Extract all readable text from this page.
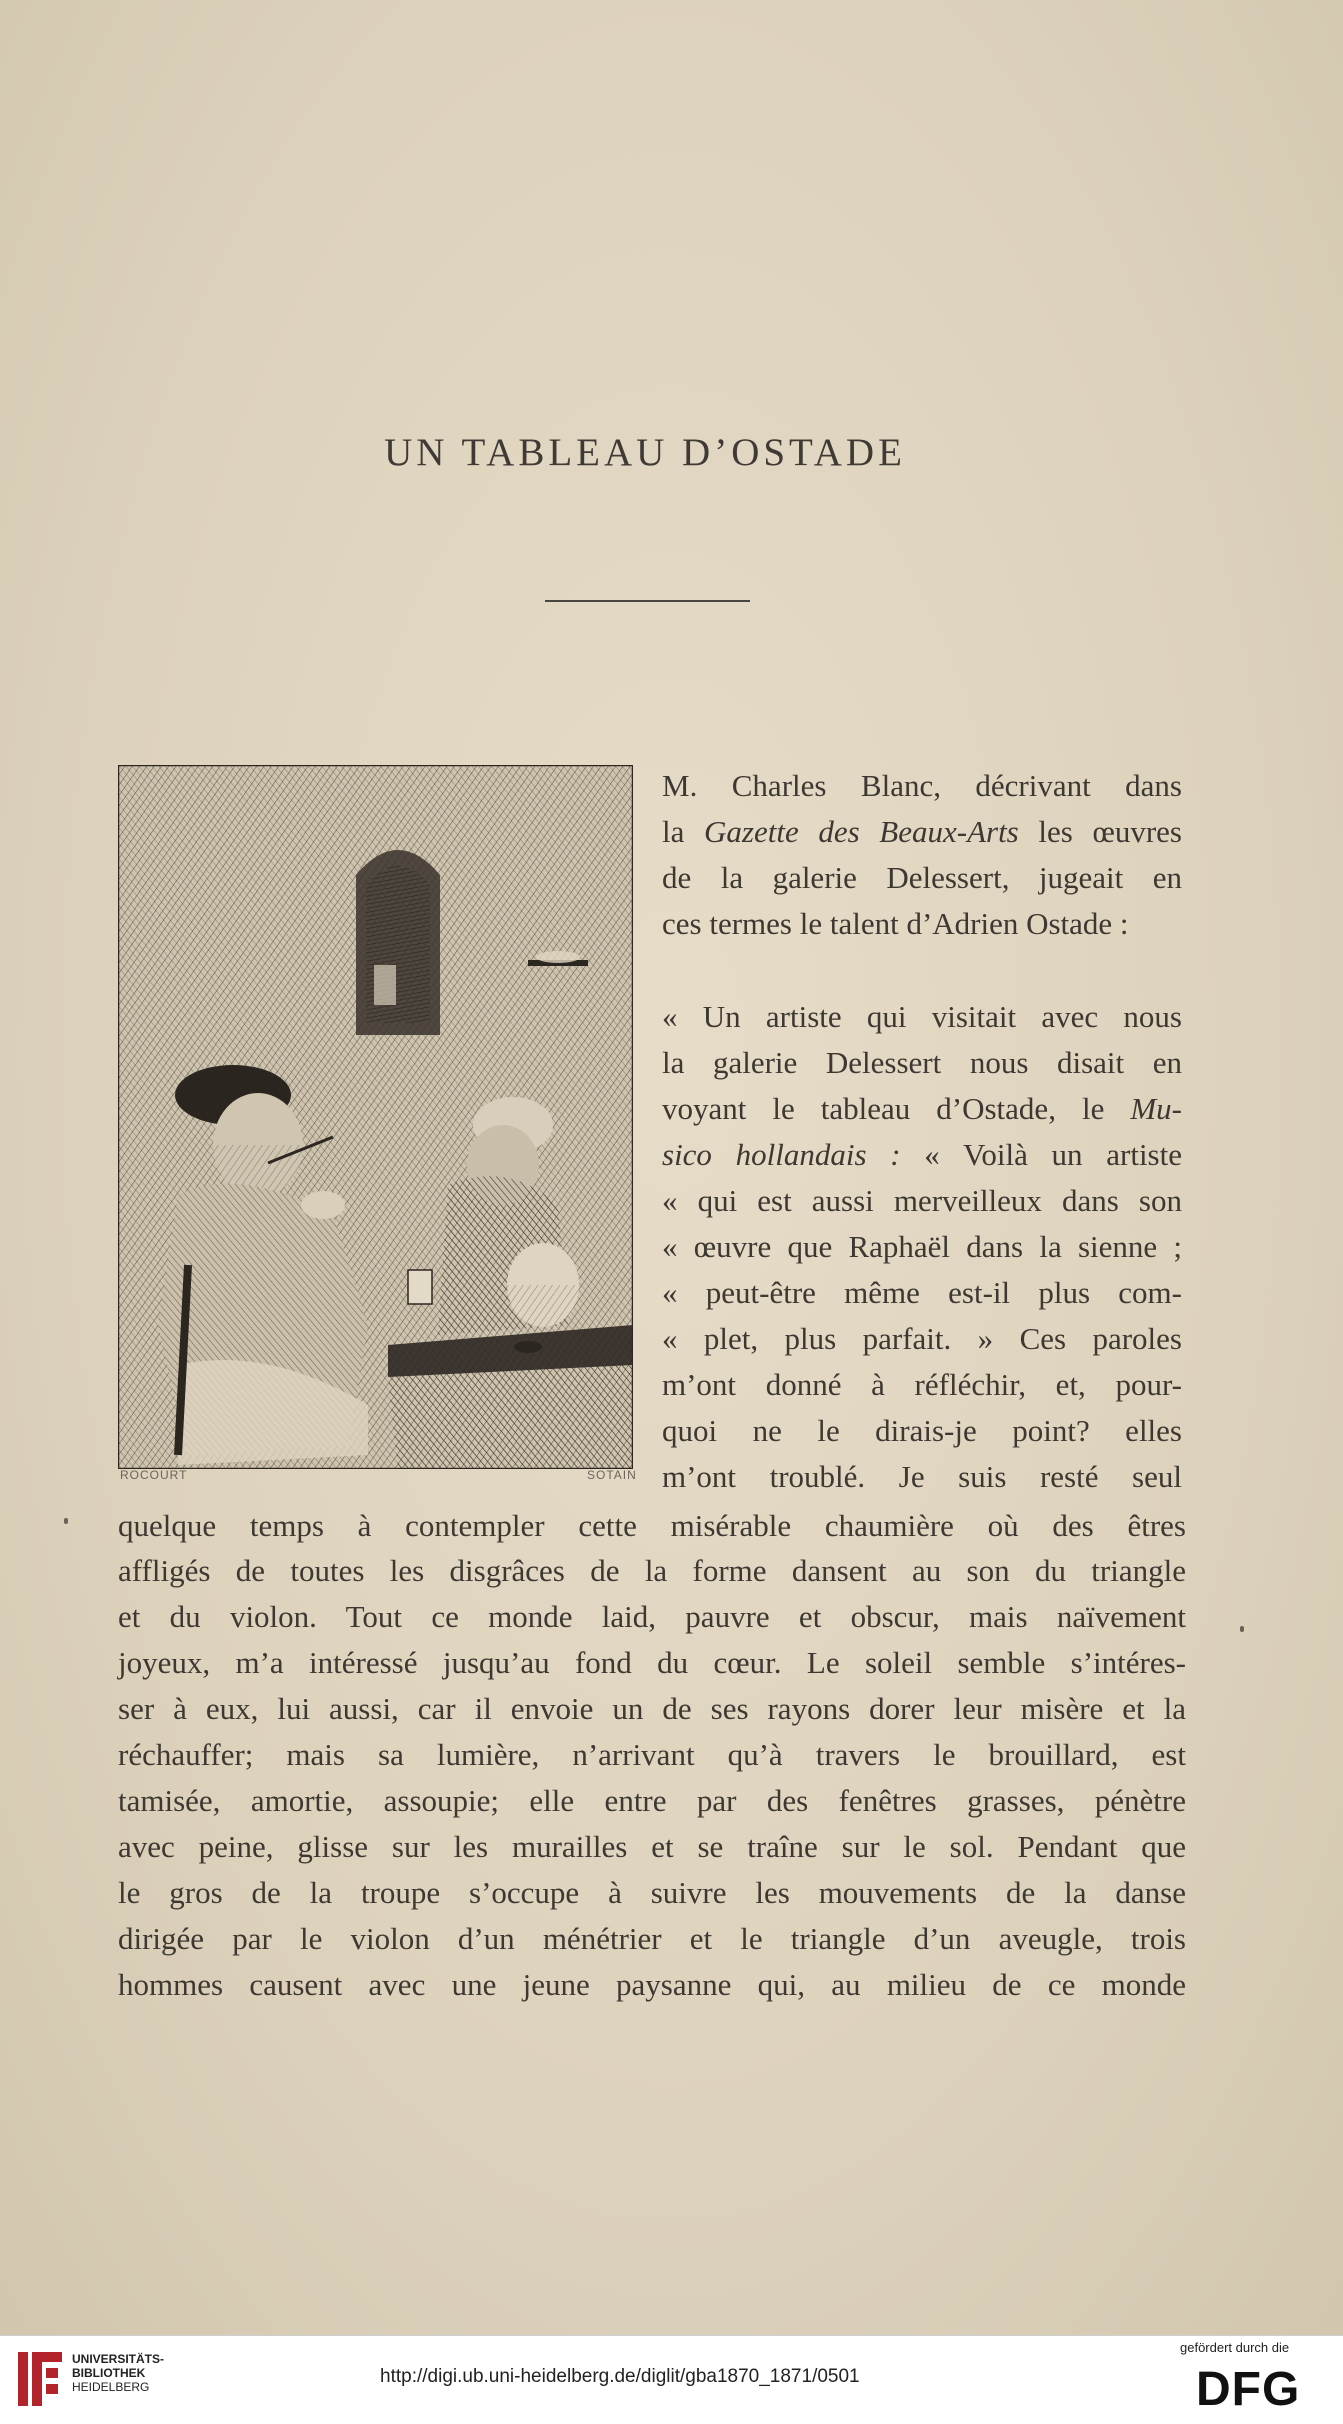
UN TABLEAU D’OSTADE
ROCOURT	SOTAIN
M. Charles Blanc, décrivant dans
la Gazette des Beaux-Arts les œuvres
de la galerie Delessert, jugeait en
ces termes le talent d’Adrien Ostade :
« Un artiste qui visitait avec nous
la galerie Delessert nous disait en
voyant le tableau d’Ostade, le Mu-
sico hollandais : « Voilà un artiste
« qui est aussi merveilleux dans son
« œuvre que Raphaël dans la sienne ;
« peut-être même est-il plus com-
« plet, plus parfait. » Ces paroles
m’ont donné à réfléchir, et, pour-
quoi ne le dirais-je point? elles
m’ont troublé. Je suis resté seul
quelque temps à contempler cette misérable chaumière où des êtres
affligés de toutes les disgrâces de la forme dansent au son du triangle
et du violon. Tout ce monde laid, pauvre et obscur, mais naïvement
joyeux, m’a intéressé jusqu’au fond du cœur. Le soleil semble s’intéres-
ser à eux, lui aussi, car il envoie un de ses rayons dorer leur misère et la
réchauffer; mais sa lumière, n’arrivant qu’à travers le brouillard, est
tamisée, amortie, assoupie; elle entre par des fenêtres grasses, pénètre
avec peine, glisse sur les murailles et se traîne sur le sol. Pendant que
le gros de la troupe s’occupe à suivre les mouvements de la danse
dirigée par le violon d’un ménétrier et le triangle d’un aveugle, trois
hommes causent avec une jeune paysanne qui, au milieu de ce monde
UNIVERSITÄTS-
BIBLIOTHEK
HEIDELBERG	http://digi.ub.uni-heidelberg.de/diglit/gba1870_1871/0501
gefördert durch die
DFG
